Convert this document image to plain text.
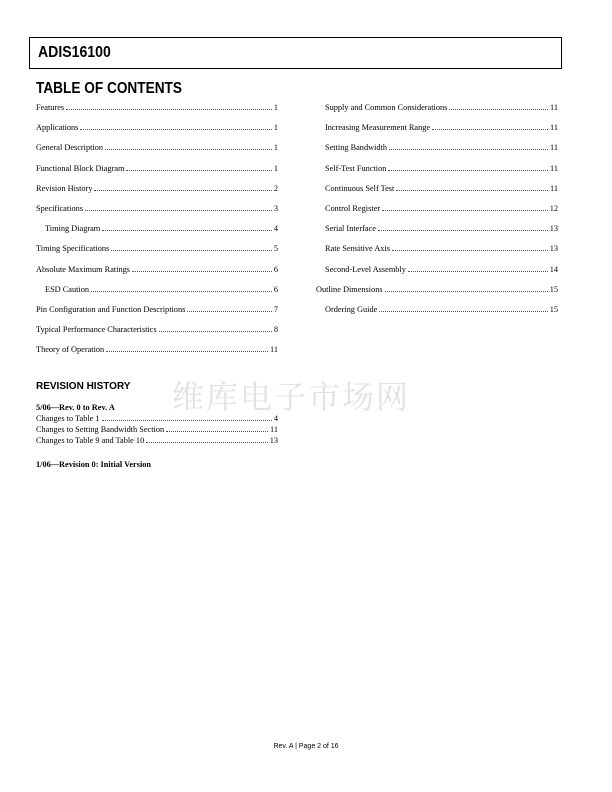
ADIS16100
TABLE OF CONTENTS
Features	1
Applications	1
General Description	1
Functional Block Diagram	1
Revision History	2
Specifications	3
Timing Diagram	4
Timing Specifications	5
Absolute Maximum Ratings	6
ESD Caution	6
Pin Configuration and Function Descriptions	7
Typical Performance Characteristics	8
Theory of Operation	11
Supply and Common Considerations	11
Increasing Measurement Range	11
Setting Bandwidth	11
Self-Test Function	11
Continuous Self Test	11
Control Register	12
Serial Interface	13
Rate Sensitive Axis	13
Second-Level Assembly	14
Outline Dimensions	15
Ordering Guide	15
维库电子市场网
REVISION HISTORY
5/06—Rev. 0 to Rev. A
Changes to Table 1	4
Changes to Setting Bandwidth Section	11
Changes to Table 9 and Table 10	13
1/06—Revision 0: Initial Version
Rev. A | Page 2 of 16
